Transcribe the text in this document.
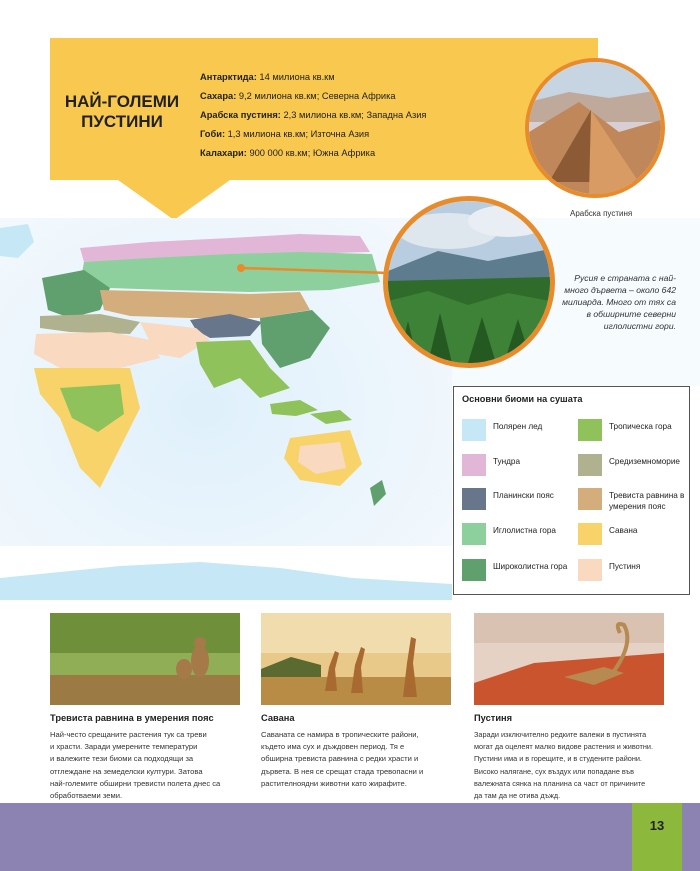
НАЙ-ГОЛЕМИ ПУСТИНИ
Антарктида: 14 милиона кв.км
Сахара: 9,2 милиона кв.км; Северна Африка
Арабска пустиня: 2,3 милиона кв.км; Западна Азия
Гоби: 1,3 милиона кв.км; Източна Азия
Калахари: 900 000 кв.км; Южна Африка
Арабска пустиня
Русия е страната с най-много дървета – около 642 милиарда. Много от тях са в обширните северни иглолистни гори.
Основни биоми на сушата
Полярен лед	Тропическа гора
Тундра	Средиземноморие
Планински пояс	Тревиста равнина в умерения пояс
Иглолистна гора	Савана
Широколистна гора	Пустиня
Тревиста равнина в умерения пояс
Най-често срещаните растения тук са треви
и храсти. Заради умерените температури
и валежите тези биоми са подходящи за
отглеждане на земеделски култури. Затова
най-големите обширни тревисти полета днес са
обработваеми земи.
Савана
Саваната се намира в тропическите райони,
където има сух и дъждовен период. Тя е
обширна тревиста равнина с редки храсти и
дървета. В нея се срещат стада тревопасни и
растителноядни животни като жирафите.
Пустиня
Заради изключително редките валежи в пустинята
могат да оцелеят малко видове растения и животни.
Пустини има и в горещите, и в студените райони.
Високо налягане, сух въздух или попадане във
валежната сянка на планина са част от причините
да там да не отива дъжд.
13
